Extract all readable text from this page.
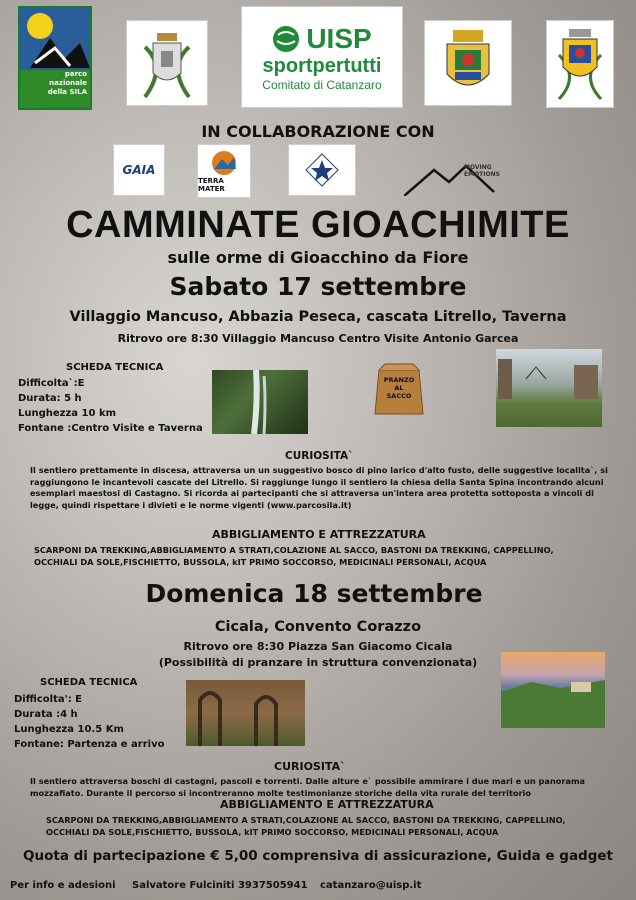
parco
nazionale
della SILA
UISP
sportpertutti
Comitato di Catanzaro
IN COLLABORAZIONE CON
GAIA
TERRA MATER
MOVING EMOTIONS
CAMMINATE GIOACHIMITE
sulle orme di Gioacchino da Fiore
Sabato 17 settembre
Villaggio Mancuso, Abbazia Peseca, cascata Litrello, Taverna
Ritrovo ore 8:30 Villaggio Mancuso Centro Visite Antonio Garcea
SCHEDA TECNICA
Difficolta`:E
Durata: 5 h
Lunghezza 10 km
Fontane :Centro Visite e Taverna
PRANZO AL SACCO
CURIOSITA`
Il sentiero prettamente in discesa, attraversa un un suggestivo bosco di pino larico d'alto fusto, delle suggestive localita`, si raggiungono le incantevoli cascate del Litrello. Si raggiunge lungo il sentiero la chiesa della Santa Spina incontrando alcuni esemplari maestosi di Castagno. Si ricorda ai partecipanti che si attraversa un'intera area protetta sottoposta a vincoli di legge, quindi rispettare i divieti e le norme vigenti (www.parcosila.it)
ABBIGLIAMENTO E ATTREZZATURA
SCARPONI DA TREKKING,ABBIGLIAMENTO A STRATI,COLAZIONE AL SACCO, BASTONI DA TREKKING, CAPPELLINO, OCCHIALI DA SOLE,FISCHIETTO, BUSSOLA, kIT PRIMO SOCCORSO, MEDICINALI PERSONALI, ACQUA
Domenica 18 settembre
Cicala, Convento Corazzo
Ritrovo ore 8:30 Piazza San Giacomo Cicala
(Possibilità di pranzare in struttura convenzionata)
SCHEDA TECNICA
Difficolta': E
Durata :4 h
Lunghezza 10.5 Km
Fontane: Partenza e arrivo
CURIOSITA`
Il sentiero attraversa boschi di castagni, pascoli e torrenti. Dalle alture e` possibile ammirare i due mari e un panorama mozzafiato. Durante il percorso si incontreranno molte testimonianze storiche della vita rurale del territorio
ABBIGLIAMENTO E ATTREZZATURA
SCARPONI DA TREKKING,ABBIGLIAMENTO A STRATI,COLAZIONE AL SACCO, BASTONI DA TREKKING, CAPPELLINO, OCCHIALI DA SOLE,FISCHIETTO, BUSSOLA, kIT PRIMO SOCCORSO, MEDICINALI PERSONALI, ACQUA
Quota di partecipazione € 5,00 comprensiva di assicurazione, Guida e gadget
Per info e adesioni Salvatore Fulciniti 3937505941 catanzaro@uisp.it
